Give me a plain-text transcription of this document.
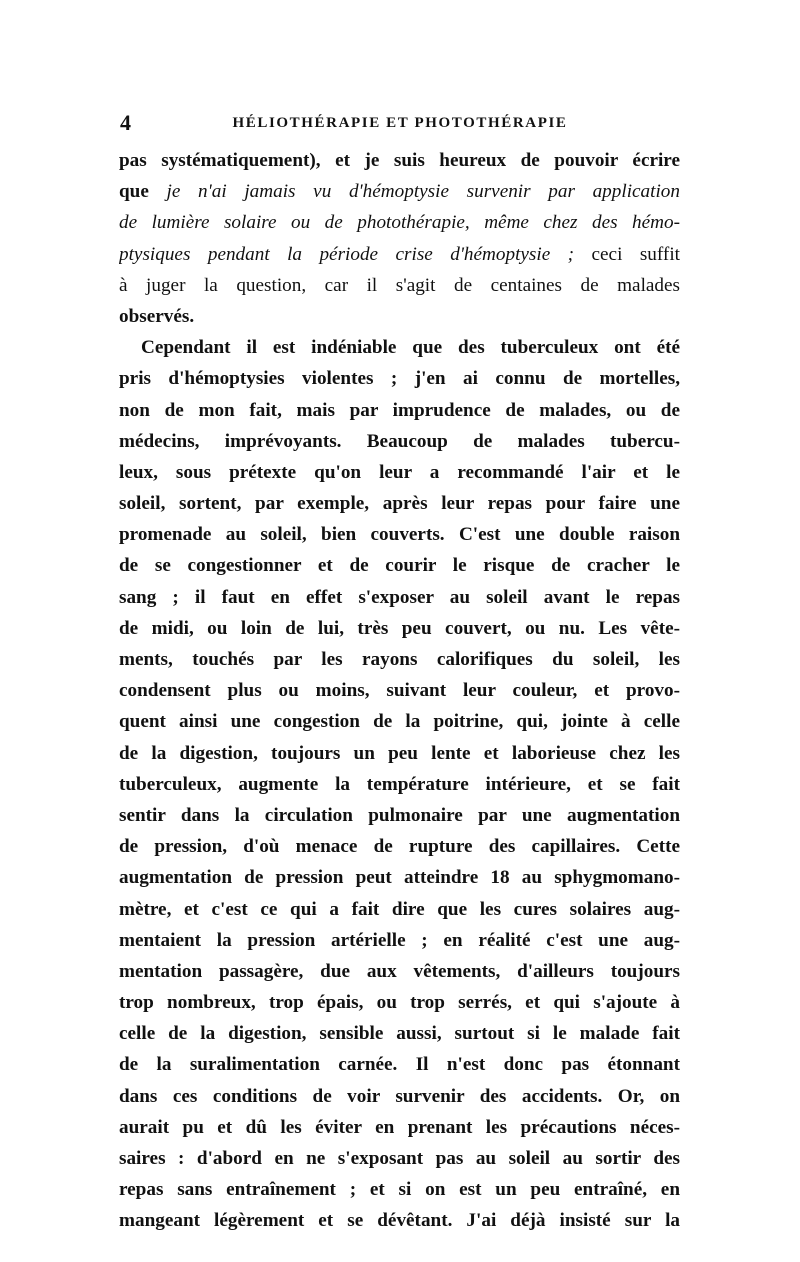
4	HÉLIOTHÉRAPIE ET PHOTOTHÉRAPIE
pas systématiquement), et je suis heureux de pouvoir écrire
que je n'ai jamais vu d'hémoptysie survenir par application
de lumière solaire ou de photothérapie, même chez des hémo-
ptysiques pendant la période crise d'hémoptysie ; ceci suffit
à juger la question, car il s'agit de centaines de malades
observés.
Cependant il est indéniable que des tuberculeux ont été
pris d'hémoptysies violentes ; j'en ai connu de mortelles,
non de mon fait, mais par imprudence de malades, ou de
médecins, imprévoyants. Beaucoup de malades tubercu-
leux, sous prétexte qu'on leur a recommandé l'air et le
soleil, sortent, par exemple, après leur repas pour faire une
promenade au soleil, bien couverts. C'est une double raison
de se congestionner et de courir le risque de cracher le
sang ; il faut en effet s'exposer au soleil avant le repas
de midi, ou loin de lui, très peu couvert, ou nu. Les vête-
ments, touchés par les rayons calorifiques du soleil, les
condensent plus ou moins, suivant leur couleur, et provo-
quent ainsi une congestion de la poitrine, qui, jointe à celle
de la digestion, toujours un peu lente et laborieuse chez les
tuberculeux, augmente la température intérieure, et se fait
sentir dans la circulation pulmonaire par une augmentation
de pression, d'où menace de rupture des capillaires. Cette
augmentation de pression peut atteindre 18 au sphygmomano-
mètre, et c'est ce qui a fait dire que les cures solaires aug-
mentaient la pression artérielle ; en réalité c'est une aug-
mentation passagère, due aux vêtements, d'ailleurs toujours
trop nombreux, trop épais, ou trop serrés, et qui s'ajoute à
celle de la digestion, sensible aussi, surtout si le malade fait
de la suralimentation carnée. Il n'est donc pas étonnant
dans ces conditions de voir survenir des accidents. Or, on
aurait pu et dû les éviter en prenant les précautions néces-
saires : d'abord en ne s'exposant pas au soleil au sortir des
repas sans entraînement ; et si on est un peu entraîné, en
mangeant légèrement et se dévêtant. J'ai déjà insisté sur la
